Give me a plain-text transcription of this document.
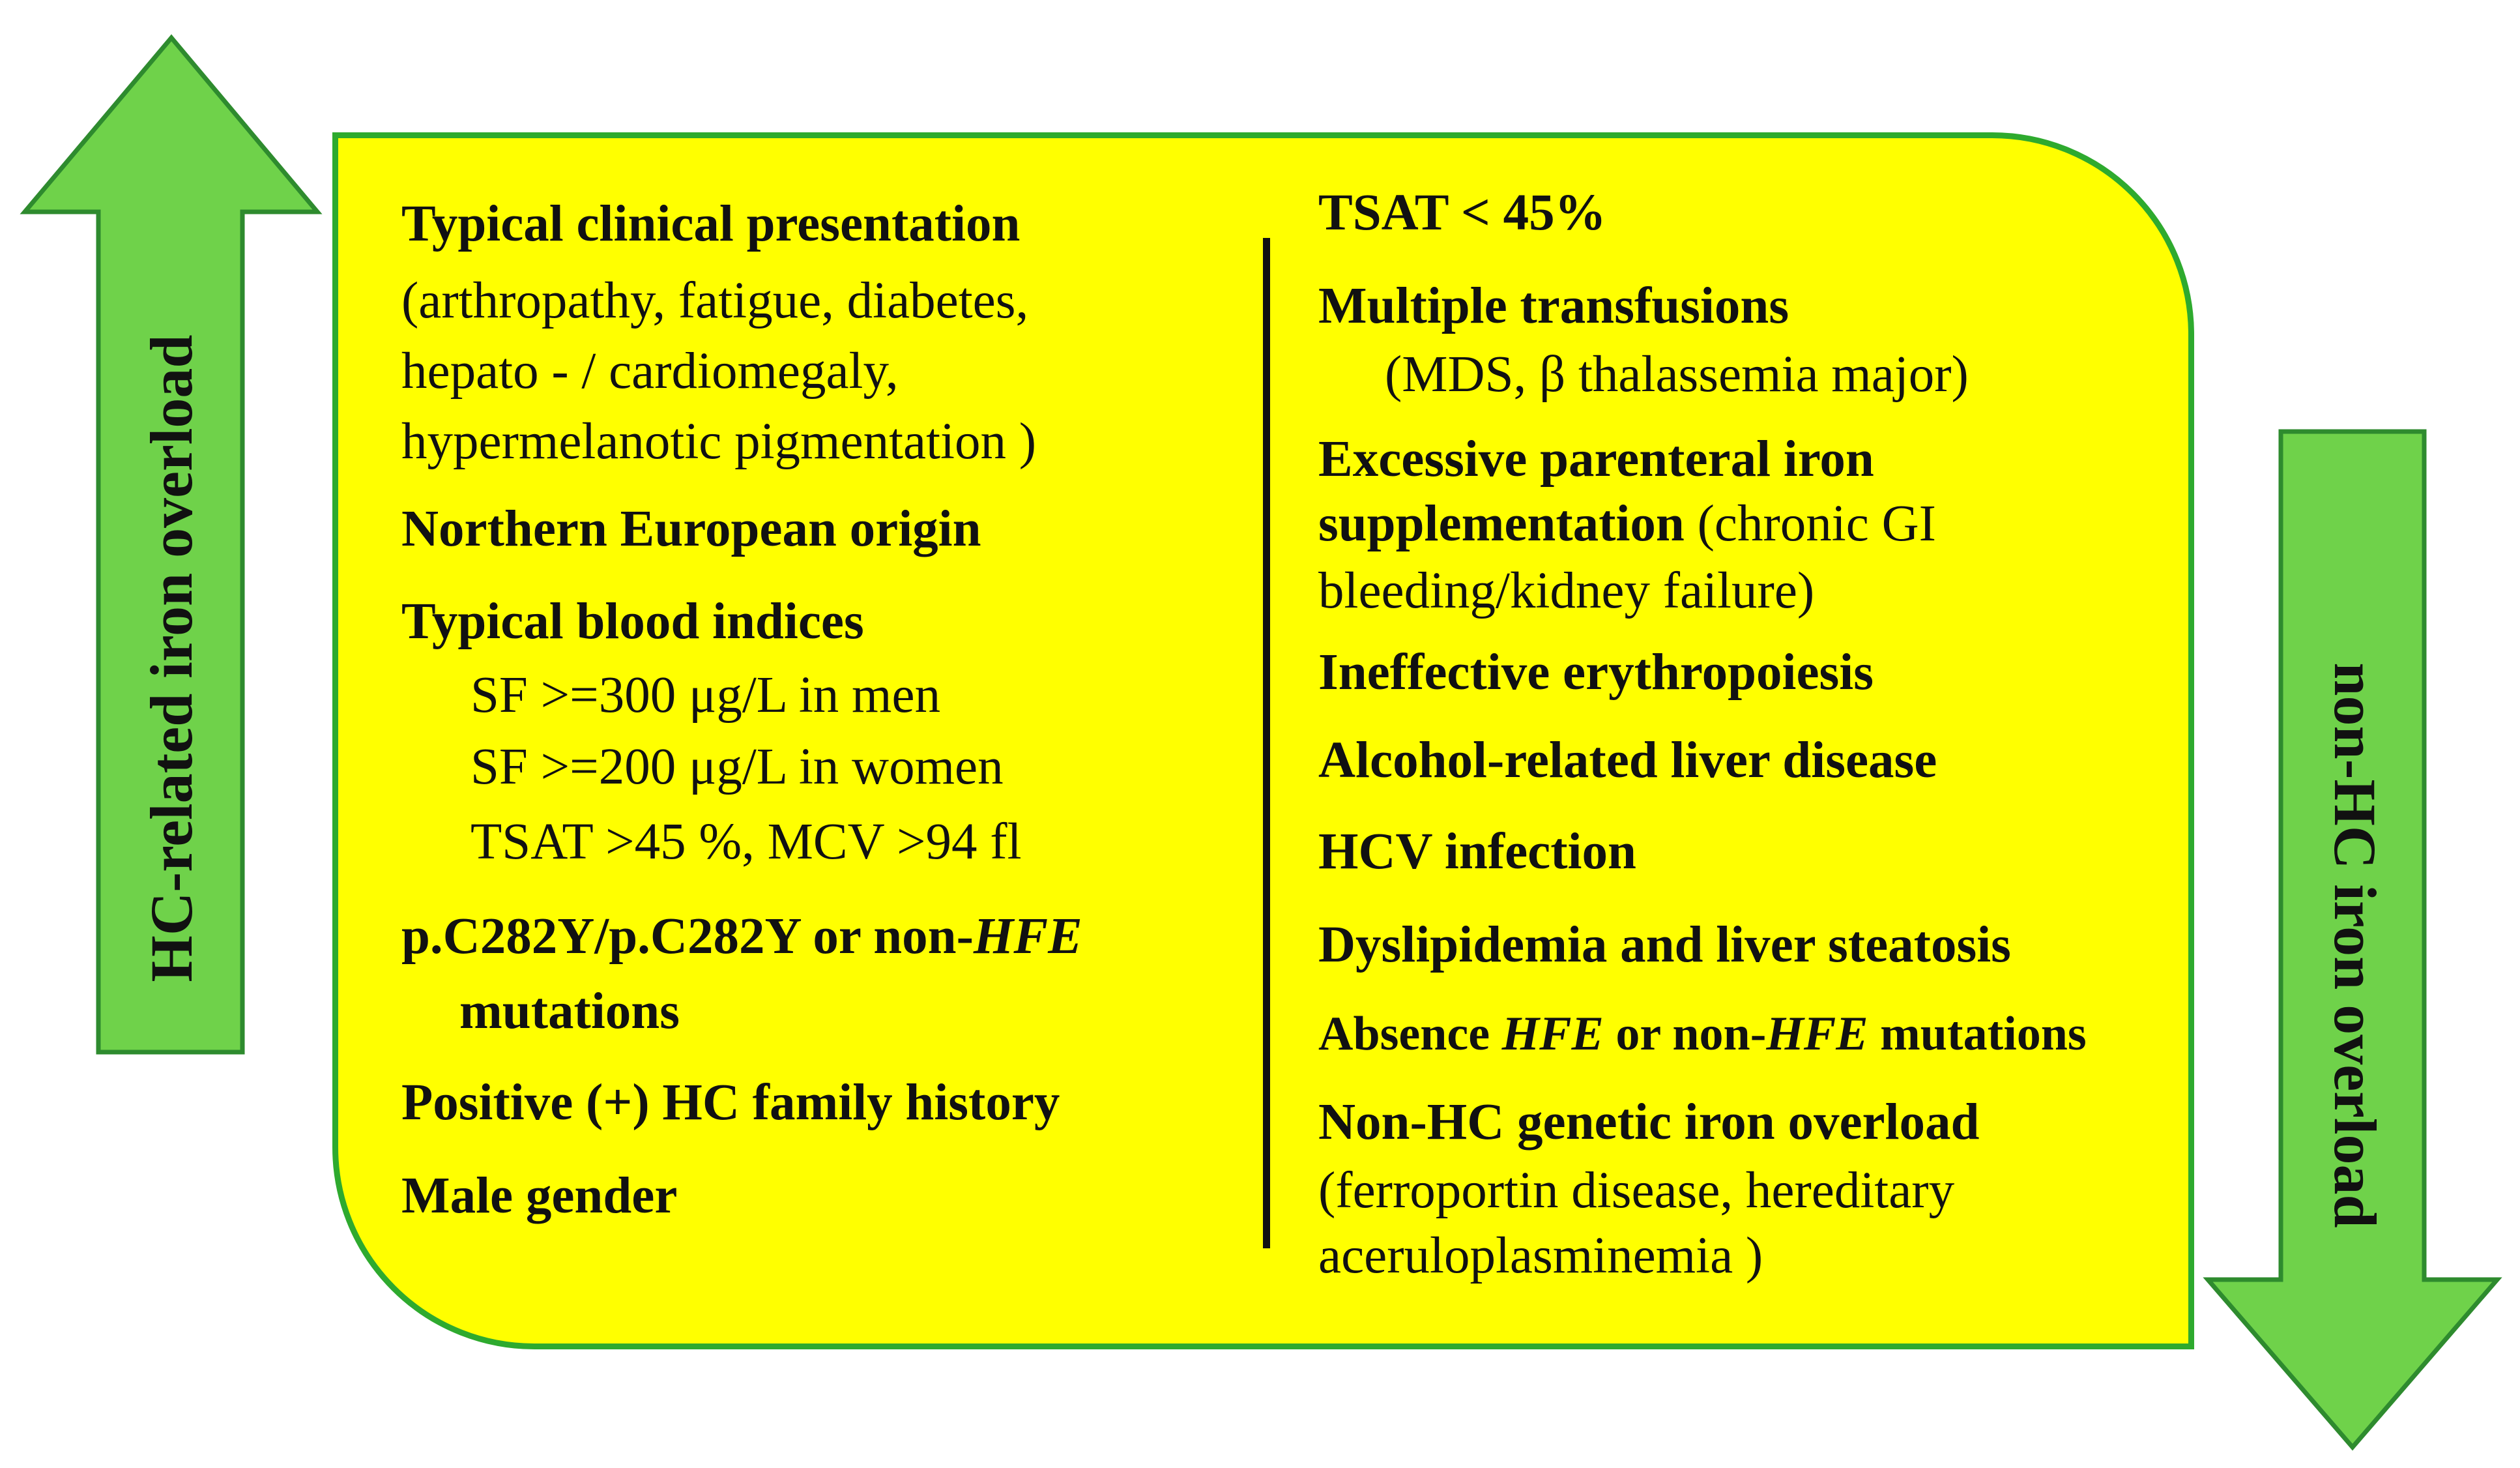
HC-related iron overload	non-HC iron overload
Typical clinical presentation
(arthropathy, fatigue, diabetes,
hepato - / cardiomegaly,
hypermelanotic pigmentation )
Northern European origin
Typical blood indices
SF >=300 μg/L in men
SF >=200 μg/L in women
TSAT >45 %, MCV >94 fl
p.C282Y/p.C282Y or non-HFE
mutations
Positive (+) HC family history
Male gender
TSAT < 45%
Multiple transfusions
(MDS, β thalassemia major)
Excessive parenteral iron
supplementation (chronic GI
bleeding/kidney failure)
Ineffective erythropoiesis
Alcohol-related liver disease
HCV infection
Dyslipidemia and liver steatosis
Absence HFE or non-HFE mutations
Non-HC genetic iron overload
(ferroportin disease, hereditary
aceruloplasminemia )
